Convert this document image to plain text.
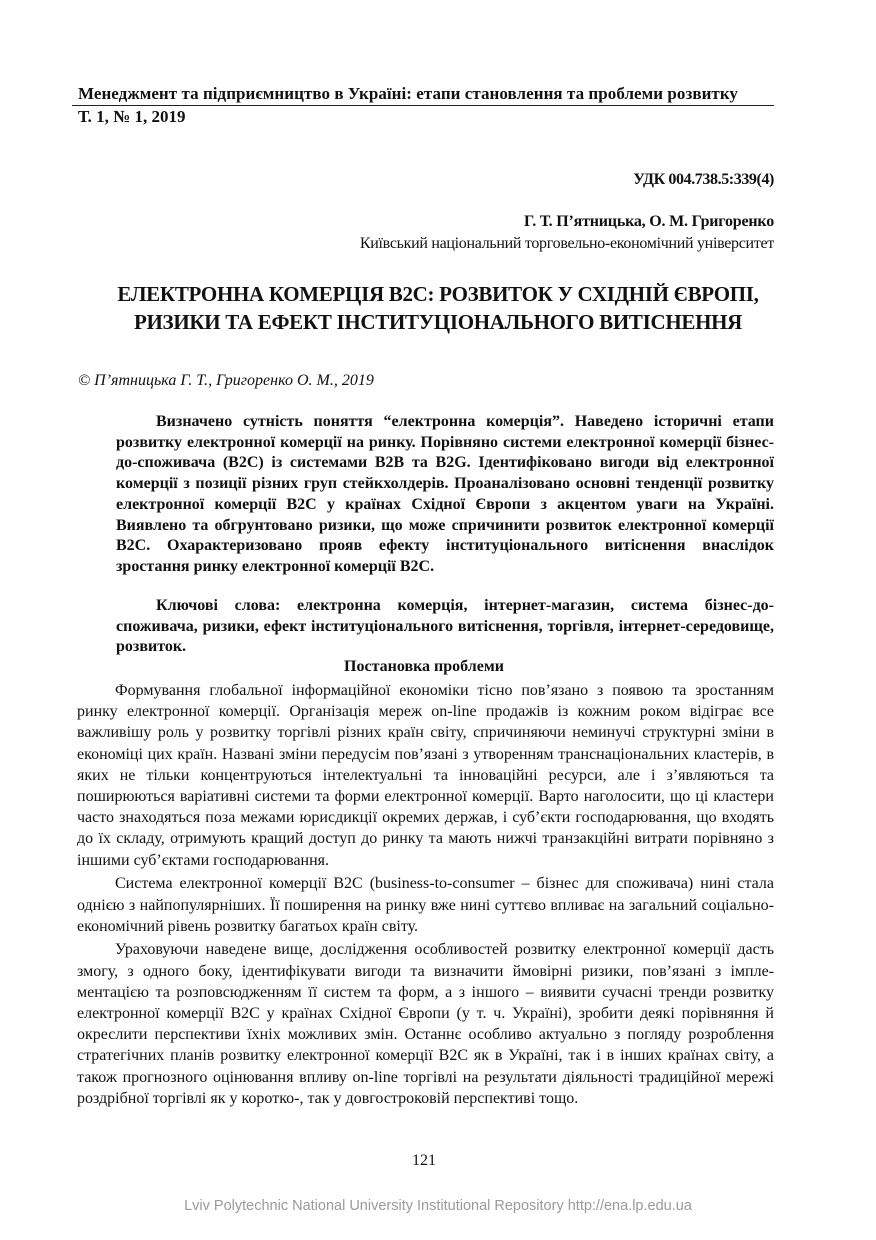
Менеджмент та підприємництво в Україні: етапи становлення та проблеми розвитку
Т. 1, № 1, 2019
УДК 004.738.5:339(4)
Г. Т. П’ятницька, О. М. Григоренко
Київський національний торговельно-економічний університет
ЕЛЕКТРОННА КОМЕРЦІЯ B2C: РОЗВИТОК У СХІДНІЙ ЄВРОПІ,
РИЗИКИ ТА ЕФЕКТ ІНСТИТУЦІОНАЛЬНОГО ВИТІСНЕННЯ
© П’ятницька Г. Т., Григоренко О. М., 2019
Визначено сутність поняття “електронна комерція”. Наведено історичні етапи розвитку електронної комерції на ринку. Порівняно системи електронної комерції бізнес-до-споживача (B2C) із системами B2B та B2G. Ідентифіковано вигоди від електронної комерції з позиції різних груп стейкхолдерів. Проаналізовано основні тенденції розвитку електронної комерції B2C у країнах Східної Європи з акцентом уваги на Україні. Виявлено та обгрунтовано ризики, що може спричинити розвиток електронної комерції B2C. Охарактеризовано прояв ефекту інституціонального витіснення внаслідок зростання ринку електронної комерції B2C.
Ключові слова: електронна комерція, інтернет-магазин, система бізнес-до-споживача, ризики, ефект інституціонального витіснення, торгівля, інтернет-середовище, розвиток.
Постановка проблеми

Формування глобальної інформаційної економіки тісно пов’язано з появою та зростанням ринку електронної комерції. Організація мереж on-line продажів із кожним роком відіграє все важливішу роль у розвитку торгівлі різних країн світу, спричиняючи неминучі структурні зміни в економіці цих країн. Названі зміни передусім пов’язані з утворенням транснаціональних кластерів, в яких не тільки концентруються інтелектуальні та інноваційні ресурси, але і з’являються та поширюються варіативні системи та форми електронної комерції. Варто наголосити, що ці кластери часто знаходяться поза межами юрисдикції окремих держав, і суб’єкти господарювання, що входять до їх складу, отримують кращий доступ до ринку та мають нижчі транзакційні витрати порівняно з іншими суб’єктами господарювання.

Система електронної комерції B2C (business-to-consumer – бізнес для споживача) нині стала однією з найпопулярніших. Її поширення на ринку вже нині суттєво впливає на загальний соціально-економічний рівень розвитку багатьох країн світу.

Ураховуючи наведене вище, дослідження особливостей розвитку електронної комерції дасть змогу, з одного боку, ідентифікувати вигоди та визначити ймовірні ризики, пов’язані з імпле-ментацією та розповсюдженням її систем та форм, а з іншого – виявити сучасні тренди розвитку електронної комерції B2C у країнах Східної Європи (у т. ч. Україні), зробити деякі порівняння й окреслити перспективи їхніх можливих змін. Останнє особливо актуально з погляду розроблення стратегічних планів розвитку електронної комерції B2C як в Україні, так і в інших країнах світу, а також прогнозного оцінювання впливу on-line торгівлі на результати діяльності традиційної мережі роздрібної торгівлі як у коротко-, так у довгостроковій перспективі тощо.

121
Lviv Polytechnic National University Institutional Repository http://ena.lp.edu.ua
